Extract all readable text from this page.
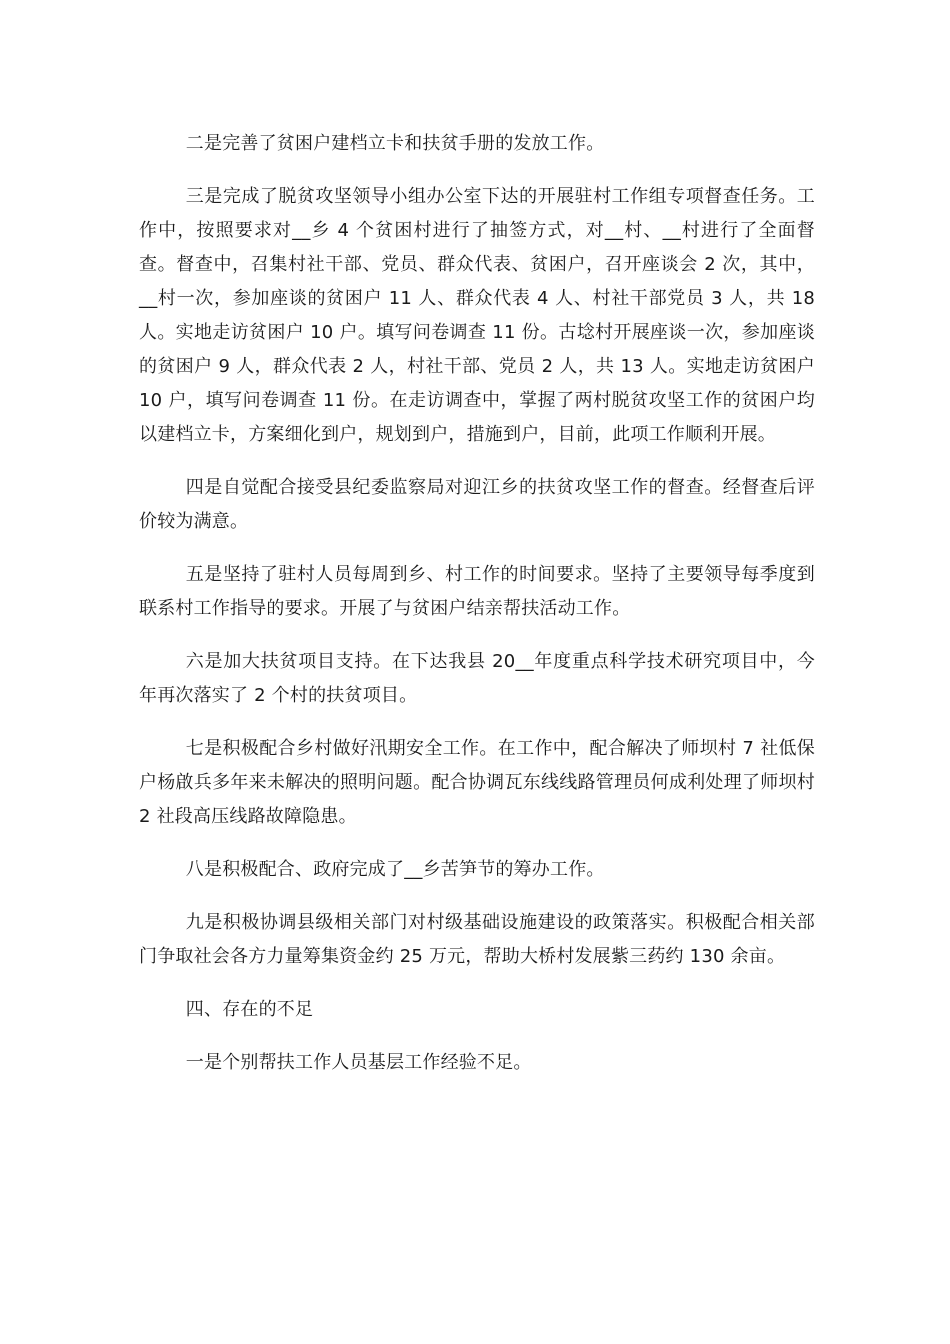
二是完善了贫困户建档立卡和扶贫手册的发放工作。

三是完成了脱贫攻坚领导小组办公室下达的开展驻村工作组专项督查任务。工作中，按照要求对__乡 4 个贫困村进行了抽签方式，对__村、__村进行了全面督查。督查中，召集村社干部、党员、群众代表、贫困户，召开座谈会 2 次，其中，__村一次，参加座谈的贫困户 11 人、群众代表 4 人、村社干部党员 3 人，共 18 人。实地走访贫困户 10 户。填写问卷调查 11 份。古埝村开展座谈一次，参加座谈的贫困户 9 人，群众代表 2 人，村社干部、党员 2 人，共 13 人。实地走访贫困户 10 户，填写问卷调查 11 份。在走访调查中，掌握了两村脱贫攻坚工作的贫困户均以建档立卡，方案细化到户，规划到户，措施到户，目前，此项工作顺利开展。

四是自觉配合接受县纪委监察局对迎江乡的扶贫攻坚工作的督查。经督查后评价较为满意。

五是坚持了驻村人员每周到乡、村工作的时间要求。坚持了主要领导每季度到联系村工作指导的要求。开展了与贫困户结亲帮扶活动工作。

六是加大扶贫项目支持。在下达我县 20__年度重点科学技术研究项目中，今年再次落实了 2 个村的扶贫项目。

七是积极配合乡村做好汛期安全工作。在工作中，配合解决了师坝村 7 社低保户杨啟兵多年来未解决的照明问题。配合协调瓦东线线路管理员何成利处理了师坝村 2 社段高压线路故障隐患。

八是积极配合、政府完成了__乡苦笋节的筹办工作。

九是积极协调县级相关部门对村级基础设施建设的政策落实。积极配合相关部门争取社会各方力量筹集资金约 25 万元，帮助大桥村发展紫三药约 130 余亩。

四、存在的不足

一是个别帮扶工作人员基层工作经验不足。
